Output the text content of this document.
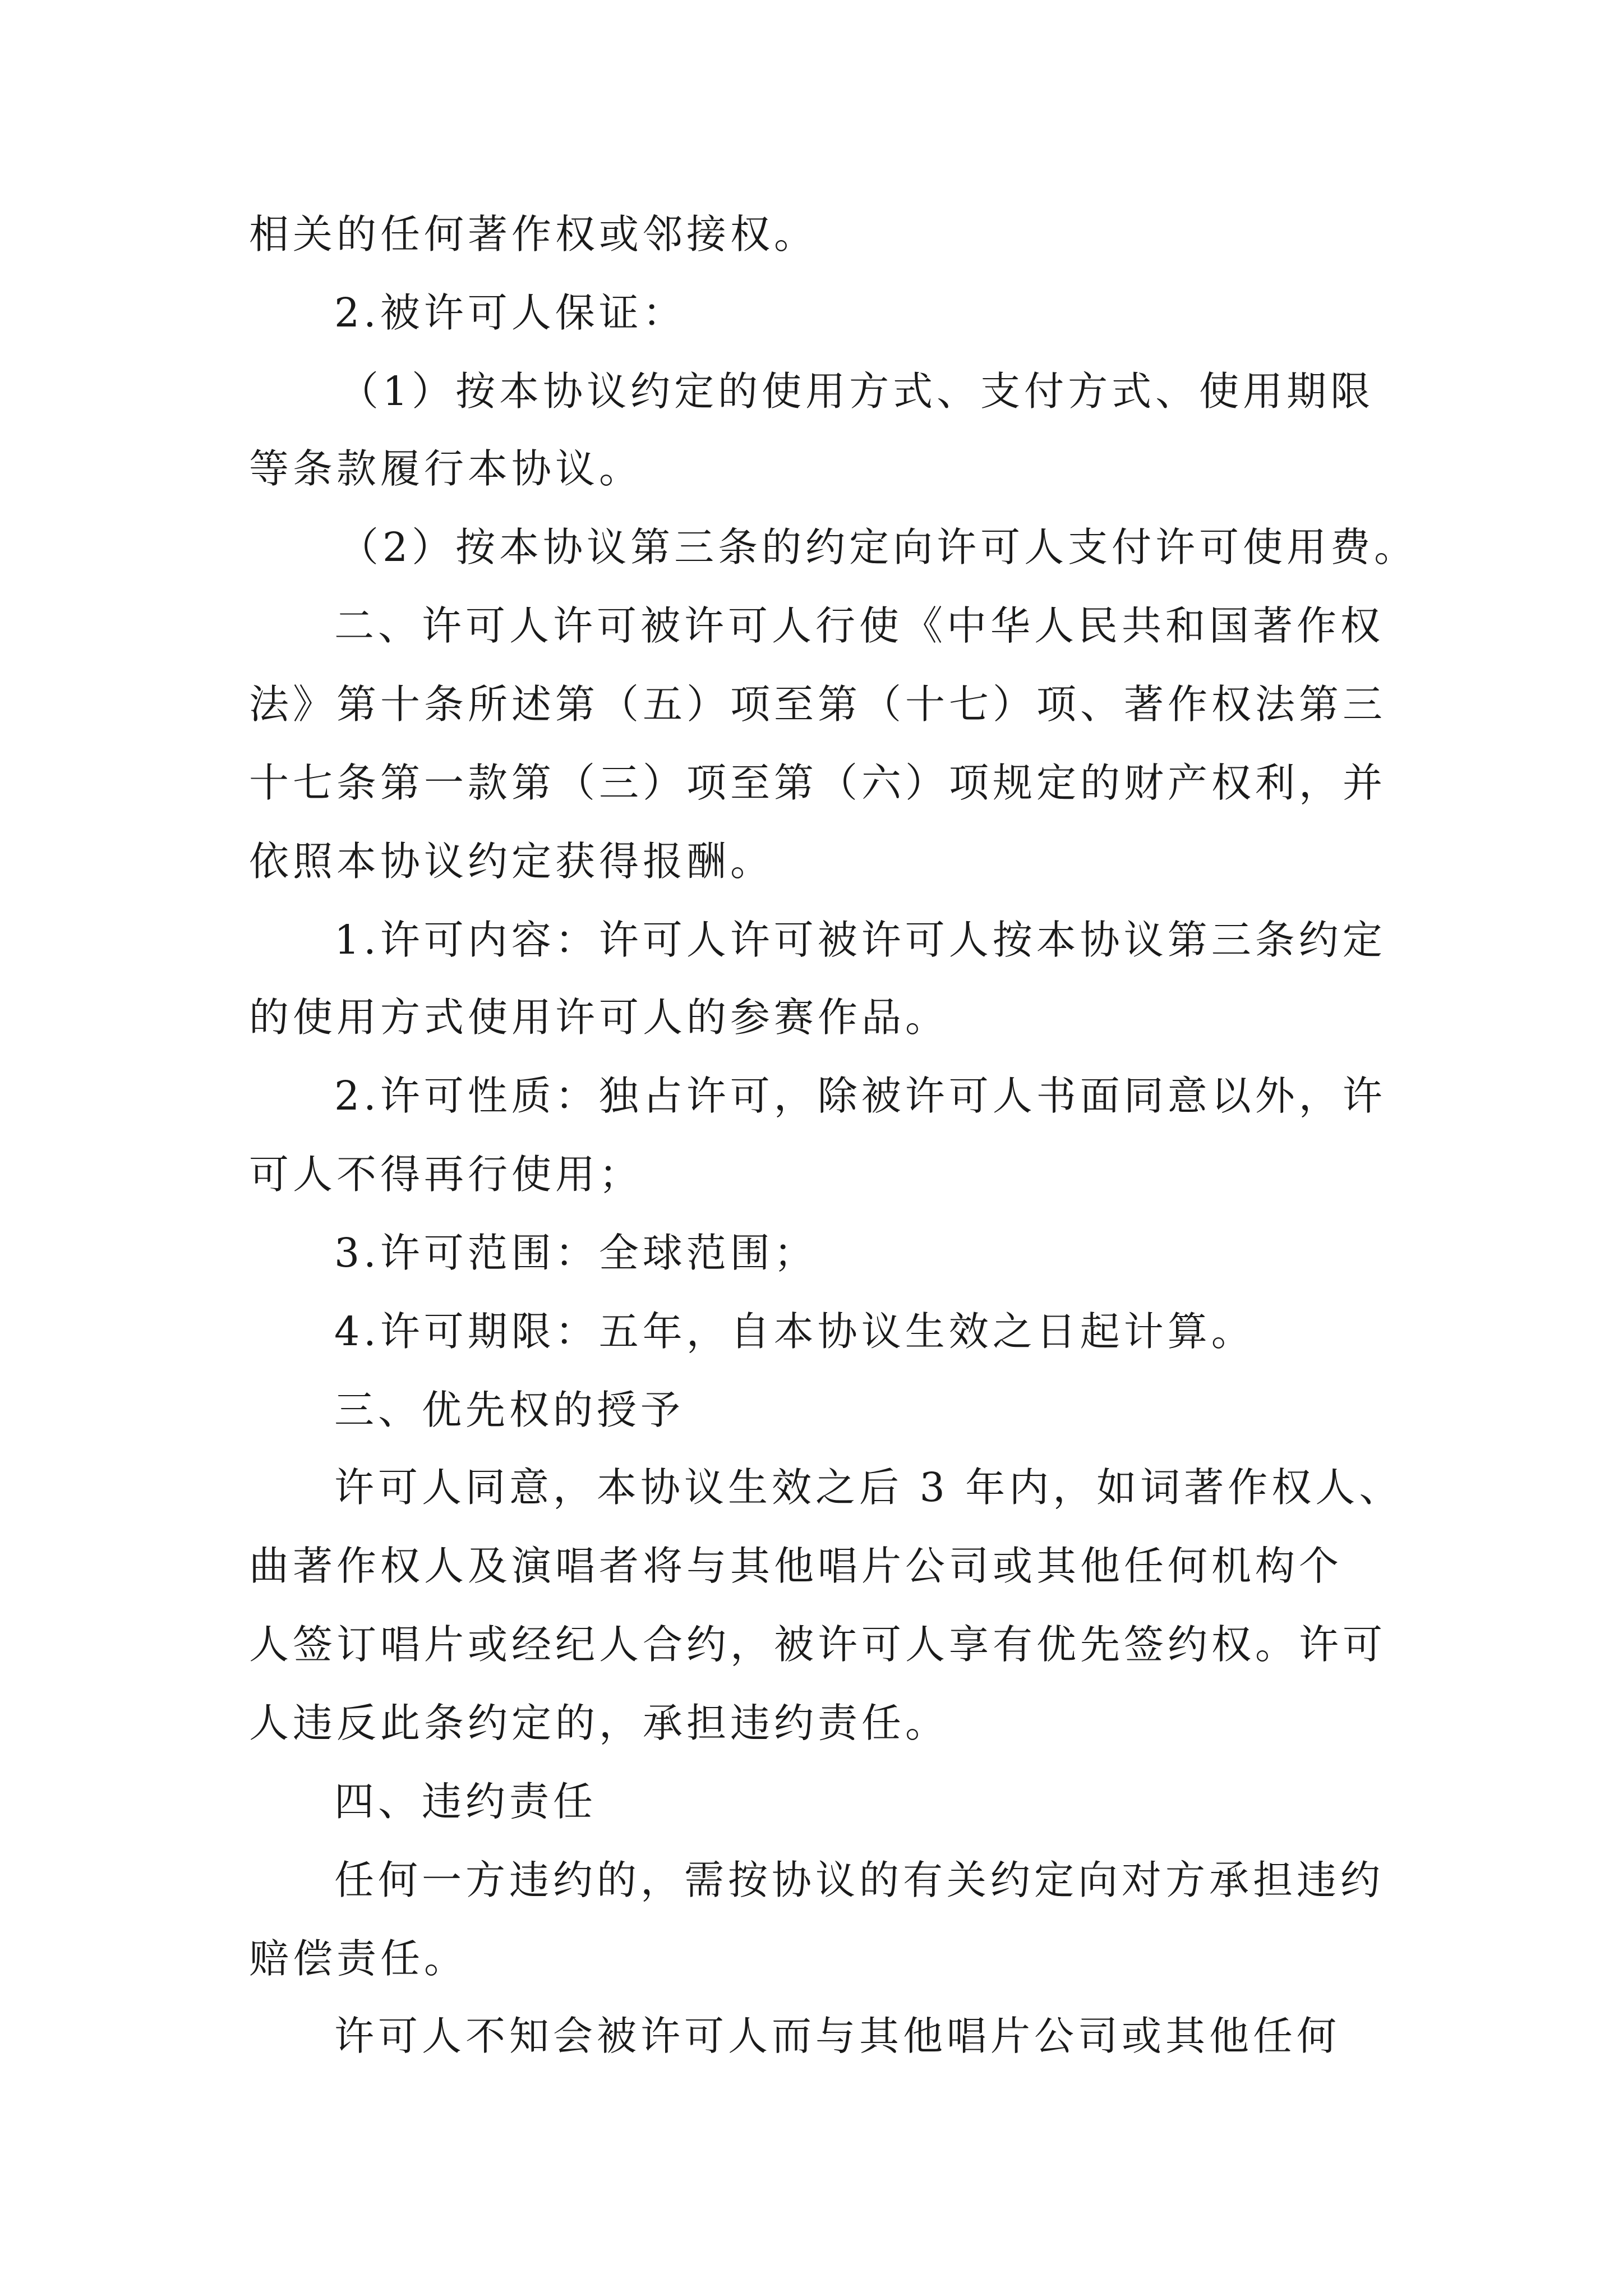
相关的任何著作权或邻接权。
2.被许可人保证：
（1）按本协议约定的使用方式、支付方式、使用期限
等条款履行本协议。
（2）按本协议第三条的约定向许可人支付许可使用费。
二、许可人许可被许可人行使《中华人民共和国著作权
法》第十条所述第（五）项至第（十七）项、著作权法第三
十七条第一款第（三）项至第（六）项规定的财产权利，并
依照本协议约定获得报酬。
1.许可内容：许可人许可被许可人按本协议第三条约定
的使用方式使用许可人的参赛作品。
2.许可性质：独占许可，除被许可人书面同意以外，许
可人不得再行使用；
3.许可范围：全球范围；
4.许可期限：五年，自本协议生效之日起计算。
三、优先权的授予
许可人同意，本协议生效之后 3 年内，如词著作权人、
曲著作权人及演唱者将与其他唱片公司或其他任何机构个
人签订唱片或经纪人合约，被许可人享有优先签约权。许可
人违反此条约定的，承担违约责任。
四、违约责任
任何一方违约的，需按协议的有关约定向对方承担违约
赔偿责任。
许可人不知会被许可人而与其他唱片公司或其他任何
